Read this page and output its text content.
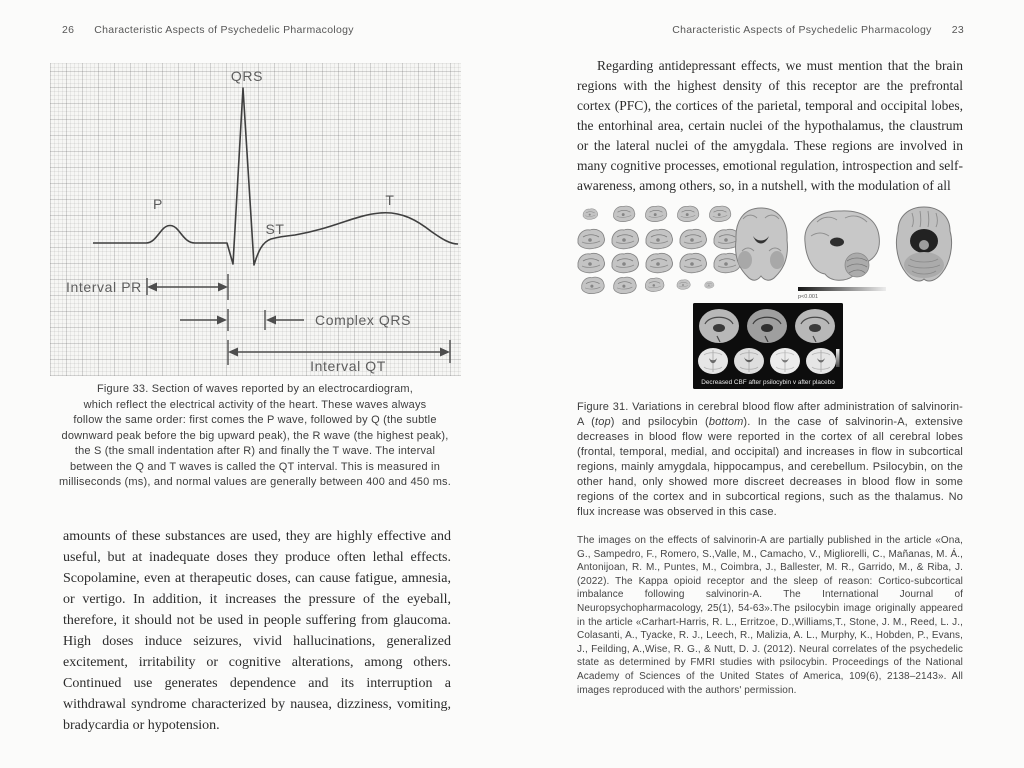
26 Characteristic Aspects of Psychedelic Pharmacology	Characteristic Aspects of Psychedelic Pharmacology 23
QRS
P	T
ST
Interval PR
Complex QRS
Interval QT
Figure 33. Section of waves reported by an electrocardiogram,
which reflect the electrical activity of the heart. These waves always
follow the same order: first comes the P wave, followed by Q (the subtle
downward peak before the big upward peak), the R wave (the highest peak),
the S (the small indentation after R) and finally the T wave. The interval
between the Q and T waves is called the QT interval. This is measured in
milliseconds (ms), and normal values are generally between 400 and 450 ms.

amounts of these substances are used, they are highly effective and useful, but at inadequate doses they produce often lethal effects. Scopolamine, even at therapeutic doses, can cause fatigue, amnesia, or vertigo. In addition, it increases the pressure of the eyeball, therefore, it should not be used in people suffering from glaucoma. High doses induce seizures, vivid hallucinations, generalized excitement, irritability or cognitive alterations, among others. Continued use generates dependence and its interruption a withdrawal syndrome characterized by nausea, dizziness, vomiting, bradycardia or hypotension.

Regarding antidepressant effects, we must mention that the brain regions with the highest density of this receptor are the prefrontal cortex (PFC), the cortices of the parietal, temporal and occipital lobes, the entorhinal area, certain nuclei of the hypothalamus, the claustrum or the lateral nuclei of the amygdala. These regions are involved in many cognitive processes, emotional regulation, introspection and self-awareness, among others, so, in a nutshell, with the modulation of all

p<0.001
Decreased CBF after psilocybin v after placebo
Figure 31. Variations in cerebral blood flow after administration of salvinorin-A (top) and psilocybin (bottom). In the case of salvinorin-A, extensive decreases in blood flow were reported in the cortex of all cerebral lobes (frontal, temporal, medial, and occipital) and increases in flow in subcortical regions, mainly amygdala, hippocampus, and cerebellum. Psilocybin, on the other hand, only showed more discreet decreases in blood flow in some regions of the cortex and in subcortical regions, such as the thalamus. No flux increase was observed in this case.
The images on the effects of salvinorin-A are partially published in the article «Ona, G., Sampedro, F., Romero, S.,Valle, M., Camacho, V., Migliorelli, C., Mañanas, M. Á., Antonijoan, R. M., Puntes, M., Coimbra, J., Ballester, M. R., Garrido, M., & Riba, J. (2022). The Kappa opioid receptor and the sleep of reason: Cortico-subcortical imbalance following salvinorin-A. The International Journal of Neuropsychopharmacology, 25(1), 54-63».The psilocybin image originally appeared in the article «Carhart-Harris, R. L., Erritzoe, D.,Williams,T., Stone, J. M., Reed, L. J., Colasanti, A., Tyacke, R. J., Leech, R., Malizia, A. L., Murphy, K., Hobden, P., Evans, J., Feilding, A.,Wise, R. G., & Nutt, D. J. (2012). Neural correlates of the psychedelic state as determined by FMRI studies with psilocybin. Proceedings of the National Academy of Sciences of the United States of America, 109(6), 2138–2143». All images reproduced with the authors' permission.
